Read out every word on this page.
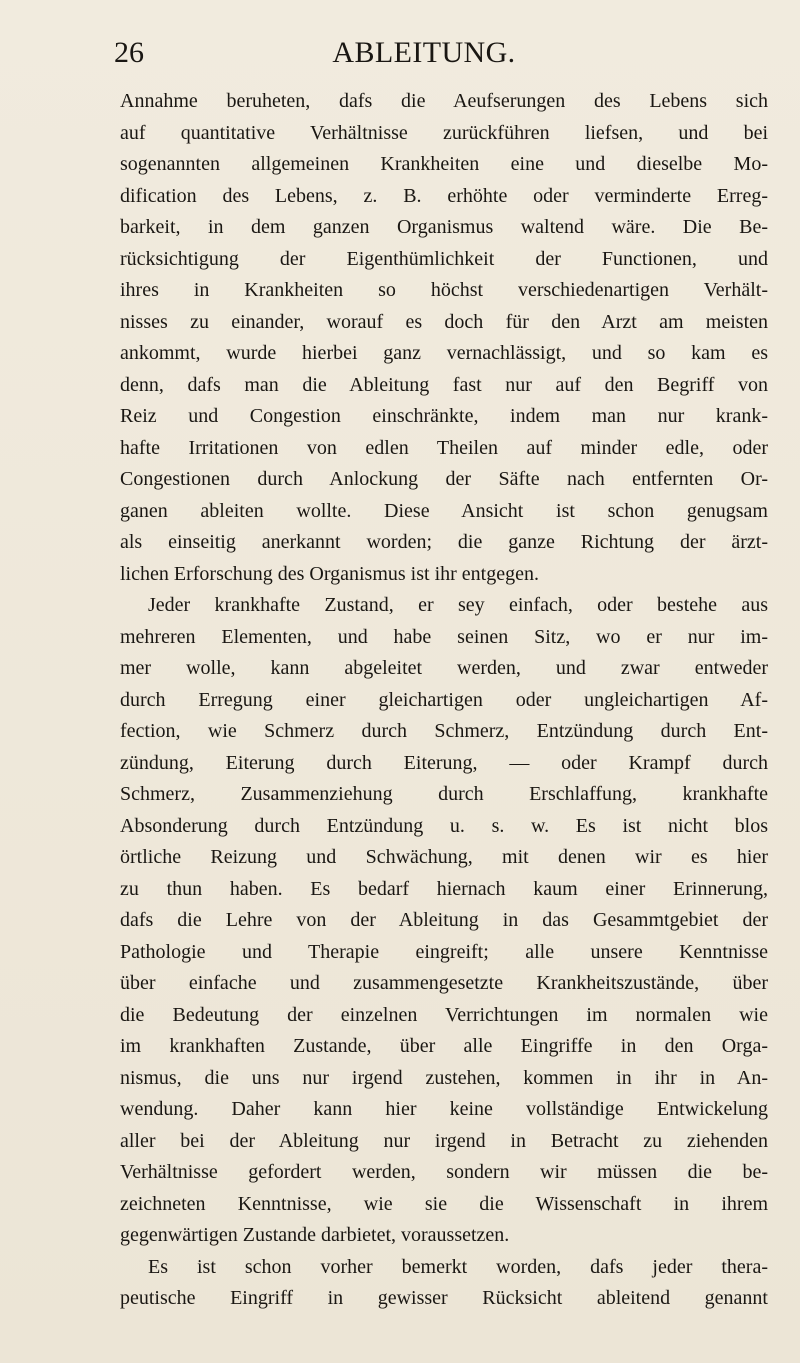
26	ABLEITUNG.
Annahme beruheten, dafs die Aeufserungen des Lebens sich
auf quantitative Verhältnisse zurückführen liefsen, und bei
sogenannten allgemeinen Krankheiten eine und dieselbe Mo-
dification des Lebens, z. B. erhöhte oder verminderte Erreg-
barkeit, in dem ganzen Organismus waltend wäre. Die Be-
rücksichtigung der Eigenthümlichkeit der Functionen, und
ihres in Krankheiten so höchst verschiedenartigen Verhält-
nisses zu einander, worauf es doch für den Arzt am meisten
ankommt, wurde hierbei ganz vernachlässigt, und so kam es
denn, dafs man die Ableitung fast nur auf den Begriff von
Reiz und Congestion einschränkte, indem man nur krank-
hafte Irritationen von edlen Theilen auf minder edle, oder
Congestionen durch Anlockung der Säfte nach entfernten Or-
ganen ableiten wollte. Diese Ansicht ist schon genugsam
als einseitig anerkannt worden; die ganze Richtung der ärzt-
lichen Erforschung des Organismus ist ihr entgegen.
Jeder krankhafte Zustand, er sey einfach, oder bestehe aus
mehreren Elementen, und habe seinen Sitz, wo er nur im-
mer wolle, kann abgeleitet werden, und zwar entweder
durch Erregung einer gleichartigen oder ungleichartigen Af-
fection, wie Schmerz durch Schmerz, Entzündung durch Ent-
zündung, Eiterung durch Eiterung, — oder Krampf durch
Schmerz, Zusammenziehung durch Erschlaffung, krankhafte
Absonderung durch Entzündung u. s. w. Es ist nicht blos
örtliche Reizung und Schwächung, mit denen wir es hier
zu thun haben. Es bedarf hiernach kaum einer Erinnerung,
dafs die Lehre von der Ableitung in das Gesammtgebiet der
Pathologie und Therapie eingreift; alle unsere Kenntnisse
über einfache und zusammengesetzte Krankheitszustände, über
die Bedeutung der einzelnen Verrichtungen im normalen wie
im krankhaften Zustande, über alle Eingriffe in den Orga-
nismus, die uns nur irgend zustehen, kommen in ihr in An-
wendung. Daher kann hier keine vollständige Entwickelung
aller bei der Ableitung nur irgend in Betracht zu ziehenden
Verhältnisse gefordert werden, sondern wir müssen die be-
zeichneten Kenntnisse, wie sie die Wissenschaft in ihrem
gegenwärtigen Zustande darbietet, voraussetzen.
Es ist schon vorher bemerkt worden, dafs jeder thera-
peutische Eingriff in gewisser Rücksicht ableitend genannt
